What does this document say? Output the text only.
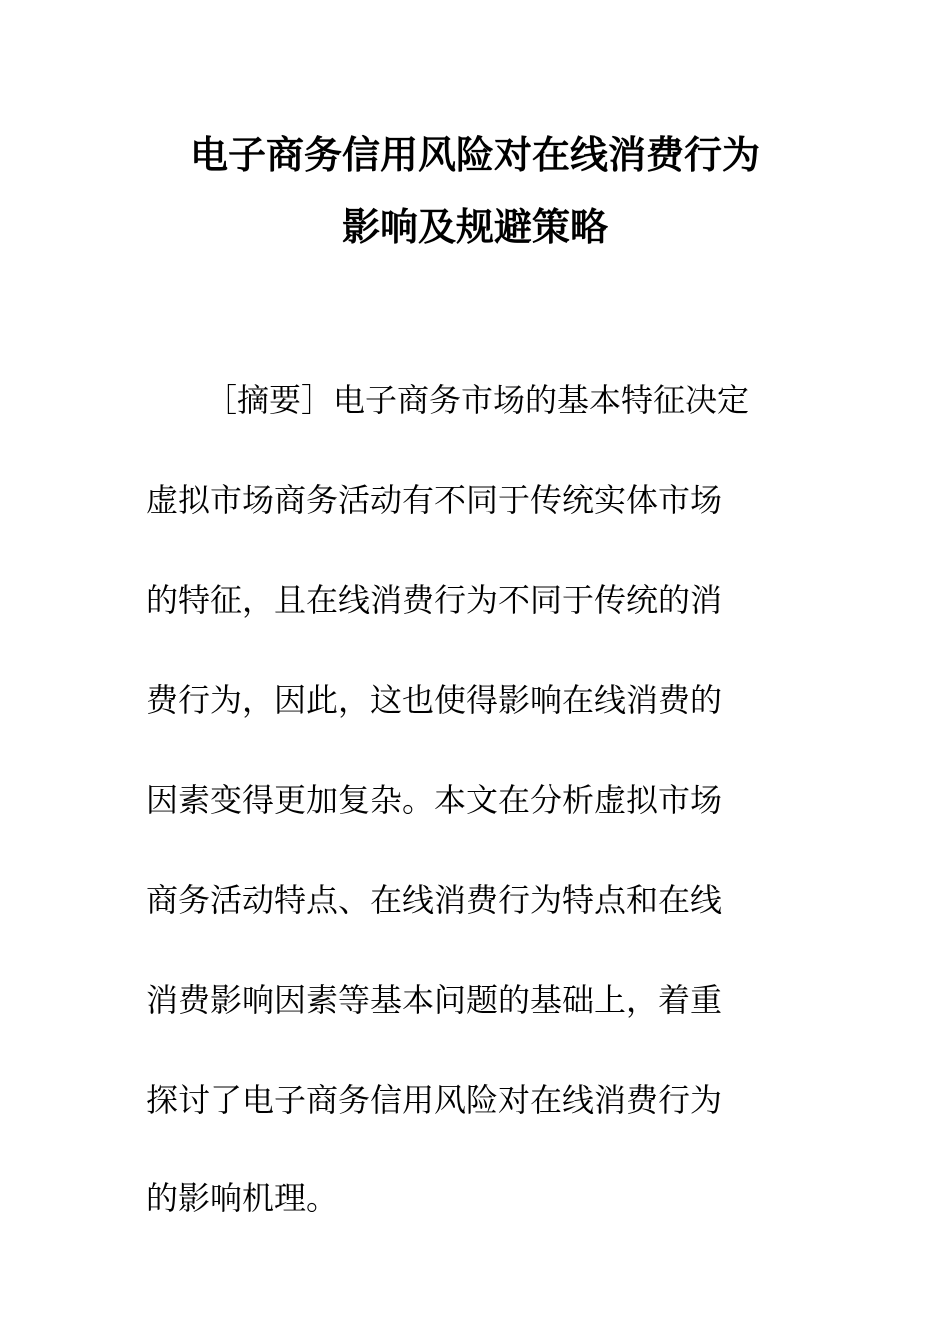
电子商务信用风险对在线消费行为
影响及规避策略

［摘要］电子商务市场的基本特征决定

虚拟市场商务活动有不同于传统实体市场

的特征，且在线消费行为不同于传统的消

费行为，因此，这也使得影响在线消费的

因素变得更加复杂。本文在分析虚拟市场

商务活动特点、在线消费行为特点和在线

消费影响因素等基本问题的基础上，着重

探讨了电子商务信用风险对在线消费行为

的影响机理。
